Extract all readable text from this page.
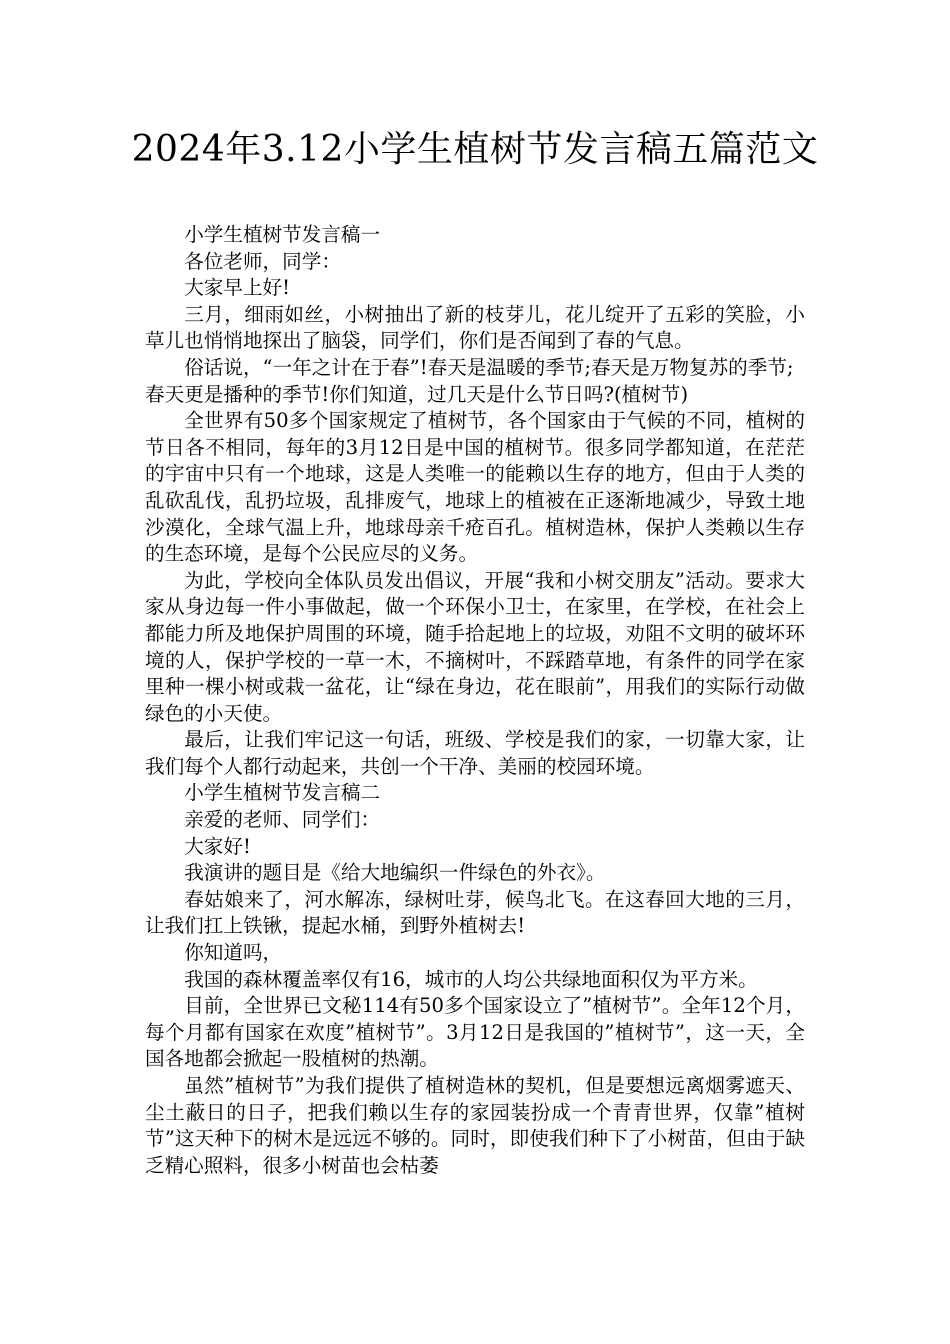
2024年3.12小学生植树节发言稿五篇范文

小学生植树节发言稿一

各位老师，同学：

大家早上好!

三月，细雨如丝，小树抽出了新的枝芽儿，花儿绽开了五彩的笑脸，小草儿也悄悄地探出了脑袋，同学们，你们是否闻到了春的气息。

俗话说，“一年之计在于春”!春天是温暖的季节;春天是万物复苏的季节;春天更是播种的季节!你们知道，过几天是什么节日吗?(植树节)

全世界有50多个国家规定了植树节，各个国家由于气候的不同，植树的节日各不相同，每年的3月12日是中国的植树节。很多同学都知道，在茫茫的宇宙中只有一个地球，这是人类唯一的能赖以生存的地方，但由于人类的乱砍乱伐，乱扔垃圾，乱排废气，地球上的植被在正逐渐地减少，导致土地沙漠化，全球气温上升，地球母亲千疮百孔。植树造林，保护人类赖以生存的生态环境，是每个公民应尽的义务。

为此，学校向全体队员发出倡议，开展“我和小树交朋友”活动。要求大家从身边每一件小事做起，做一个环保小卫士，在家里，在学校，在社会上都能力所及地保护周围的环境，随手拾起地上的垃圾，劝阻不文明的破坏环境的人，保护学校的一草一木，不摘树叶，不踩踏草地，有条件的同学在家里种一棵小树或栽一盆花，让“绿在身边，花在眼前”，用我们的实际行动做绿色的小天使。

最后，让我们牢记这一句话，班级、学校是我们的家，一切靠大家，让我们每个人都行动起来，共创一个干净、美丽的校园环境。

小学生植树节发言稿二

亲爱的老师、同学们：

大家好!

我演讲的题目是《给大地编织一件绿色的外衣》。

春姑娘来了，河水解冻，绿树吐芽，候鸟北飞。在这春回大地的三月，让我们扛上铁锹，提起水桶，到野外植树去!

你知道吗，

我国的森林覆盖率仅有16，城市的人均公共绿地面积仅为平方米。

目前，全世界已文秘114有50多个国家设立了”植树节”。全年12个月，每个月都有国家在欢度”植树节”。3月12日是我国的”植树节”，这一天，全国各地都会掀起一股植树的热潮。

虽然”植树节”为我们提供了植树造林的契机，但是要想远离烟雾遮天、尘土蔽日的日子，把我们赖以生存的家园装扮成一个青青世界，仅靠”植树节”这天种下的树木是远远不够的。同时，即使我们种下了小树苗，但由于缺乏精心照料，很多小树苗也会枯萎
